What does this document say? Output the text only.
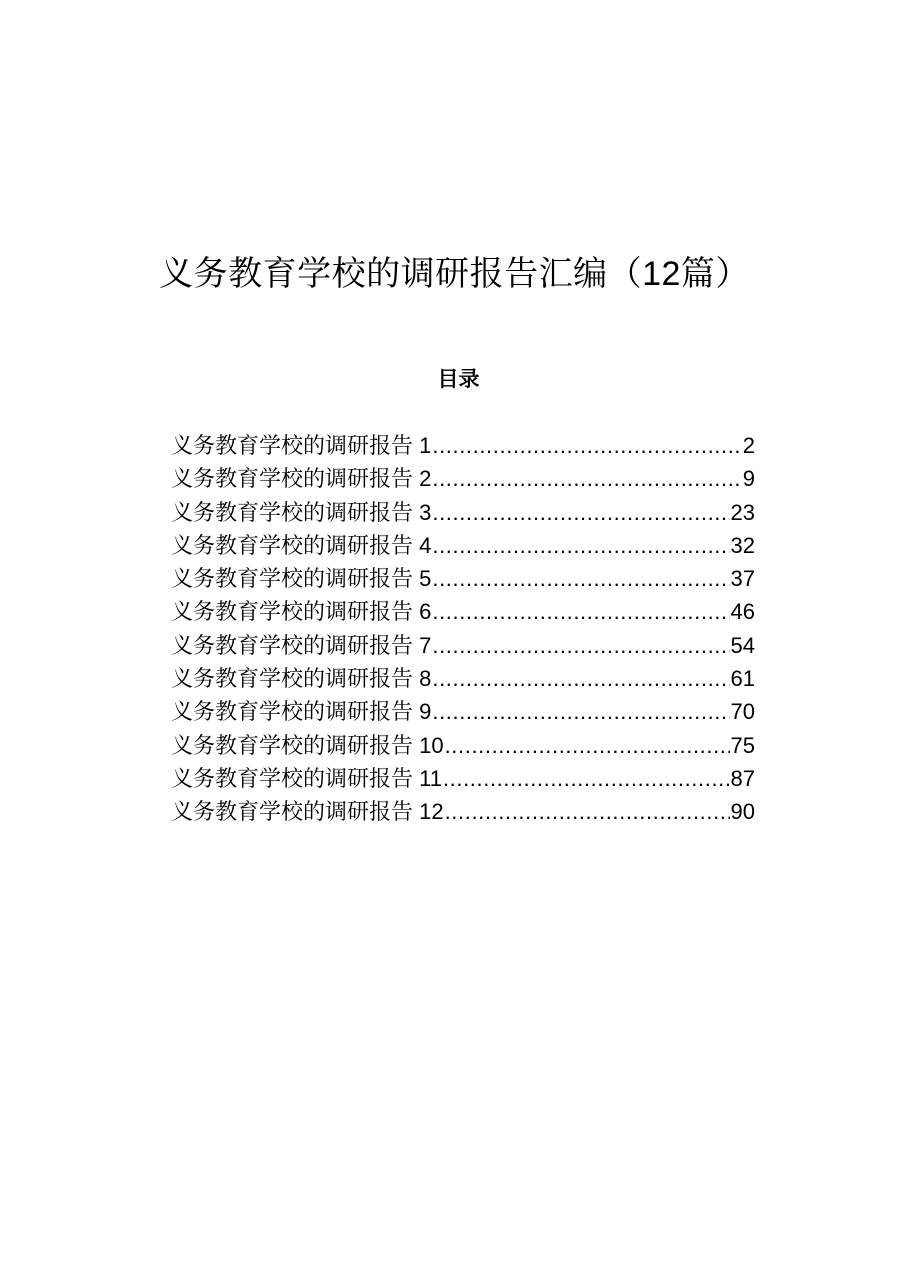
义务教育学校的调研报告汇编（12篇）
目录
义务教育学校的调研报告 1 .....	2
义务教育学校的调研报告 2 .....	9
义务教育学校的调研报告 3 .....	23
义务教育学校的调研报告 4 .....	32
义务教育学校的调研报告 5 .....	37
义务教育学校的调研报告 6 .....	46
义务教育学校的调研报告 7 .....	54
义务教育学校的调研报告 8 .....	61
义务教育学校的调研报告 9 .....	70
义务教育学校的调研报告 10 .....	75
义务教育学校的调研报告 11 .....	87
义务教育学校的调研报告 12 .....	90
